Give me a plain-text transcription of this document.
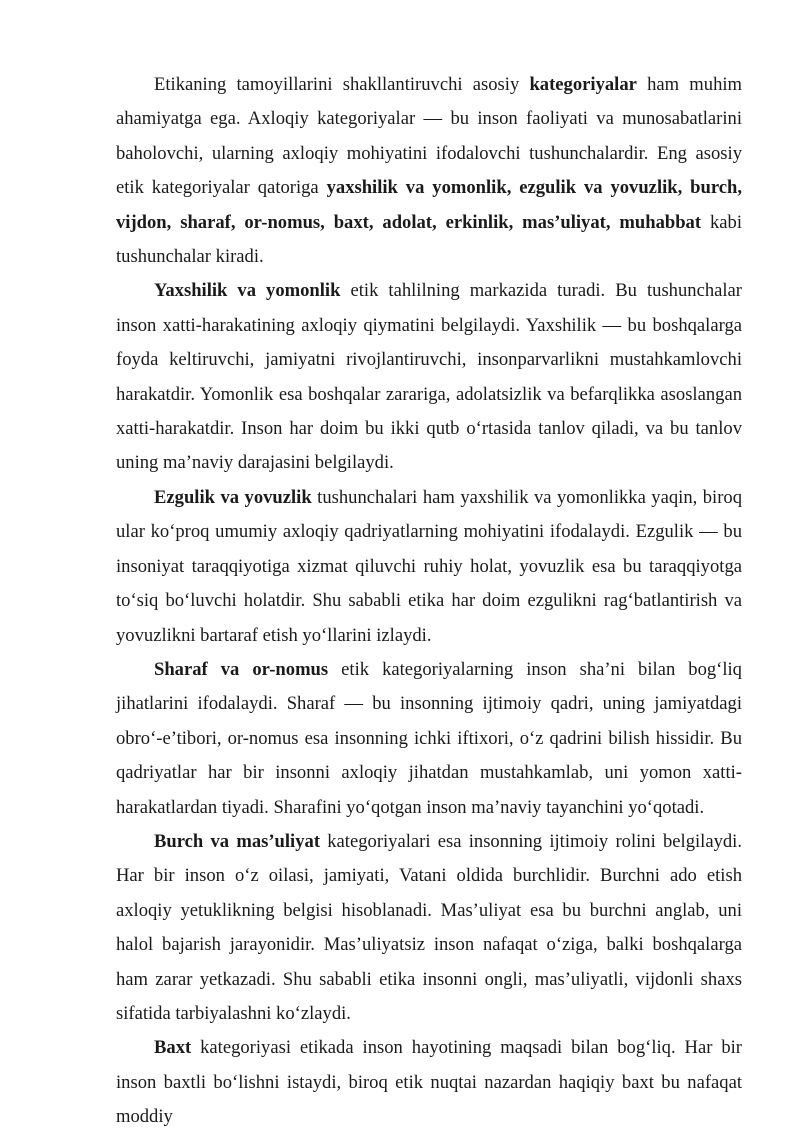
Etikaning tamoyillarini shakllantiruvchi asosiy kategoriyalar ham muhim ahamiyatga ega. Axloqiy kategoriyalar — bu inson faoliyati va munosabatlarini baholovchi, ularning axloqiy mohiyatini ifodalovchi tushunchalardir. Eng asosiy etik kategoriyalar qatoriga yaxshilik va yomonlik, ezgulik va yovuzlik, burch, vijdon, sharaf, or-nomus, baxt, adolat, erkinlik, mas’uliyat, muhabbat kabi tushunchalar kiradi.

Yaxshilik va yomonlik etik tahlilning markazida turadi. Bu tushunchalar inson xatti-harakatining axloqiy qiymatini belgilaydi. Yaxshilik — bu boshqalarga foyda keltiruvchi, jamiyatni rivojlantiruvchi, insonparvarlikni mustahkamlovchi harakatdir. Yomonlik esa boshqalar zarariga, adolatsizlik va befarqlikka asoslangan xatti-harakatdir. Inson har doim bu ikki qutb o‘rtasida tanlov qiladi, va bu tanlov uning ma’naviy darajasini belgilaydi.

Ezgulik va yovuzlik tushunchalari ham yaxshilik va yomonlikka yaqin, biroq ular ko‘proq umumiy axloqiy qadriyatlarning mohiyatini ifodalaydi. Ezgulik — bu insoniyat taraqqiyotiga xizmat qiluvchi ruhiy holat, yovuzlik esa bu taraqqiyotga to‘siq bo‘luvchi holatdir. Shu sababli etika har doim ezgulikni rag‘batlantirish va yovuzlikni bartaraf etish yo‘llarini izlaydi.

Sharaf va or-nomus etik kategoriyalarning inson sha’ni bilan bog‘liq jihatlarini ifodalaydi. Sharaf — bu insonning ijtimoiy qadri, uning jamiyatdagi obro‘-e’tibori, or-nomus esa insonning ichki iftixori, o‘z qadrini bilish hissidir. Bu qadriyatlar har bir insonni axloqiy jihatdan mustahkamlab, uni yomon xatti-harakatlardan tiyadi. Sharafini yo‘qotgan inson ma’naviy tayanchini yo‘qotadi.

Burch va mas’uliyat kategoriyalari esa insonning ijtimoiy rolini belgilaydi. Har bir inson o‘z oilasi, jamiyati, Vatani oldida burchlidir. Burchni ado etish axloqiy yetuklikning belgisi hisoblanadi. Mas’uliyat esa bu burchni anglab, uni halol bajarish jarayonidir. Mas’uliyatsiz inson nafaqat o‘ziga, balki boshqalarga ham zarar yetkazadi. Shu sababli etika insonni ongli, mas’uliyatli, vijdonli shaxs sifatida tarbiyalashni ko‘zlaydi.

Baxt kategoriyasi etikada inson hayotining maqsadi bilan bog‘liq. Har bir inson baxtli bo‘lishni istaydi, biroq etik nuqtai nazardan haqiqiy baxt bu nafaqat moddiy
